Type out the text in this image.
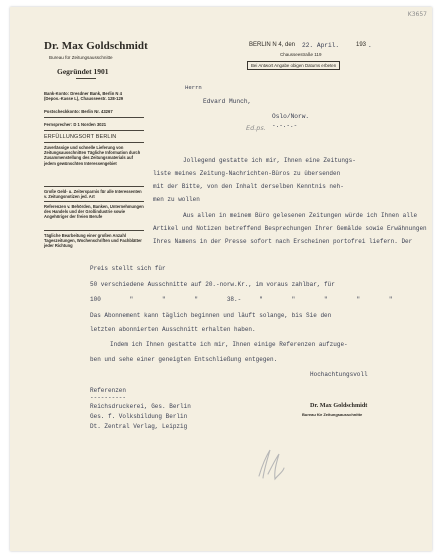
K3657
Dr. Max Goldschmidt
Bureau für Zeitungsausschnitte
Gegründet 1901
Bank-Konto: Dresdner Bank, Berlin N 4
(Depos.-Kasse L), Chausseestr. 128-129
Postscheckkonto: Berlin Nr. 43267
Fernsprecher: D 1 Norden 3021
ERFÜLLUNGSORT BERLIN
Zuverlässige und schnelle Lieferung von Zeitungsausschnitten Tägliche Information durch Zusammenstellung des Zeitungsmaterials auf jedem gewünschten Interessengebiet
Große Geld- u. Zeitersparnis für alle Interessenten v. Zeitungsnotizen jed. Art
Referenzen v. Behörden, Banken, Unternehmungen des Handels und der Großindustrie sowie Angehöriger der freien Berufe
Tägliche Bearbeitung einer großen Anzahl Tageszeitungen, Wochenschriften und Fachblätter jeder Richtung
BERLIN N 4, den 22. April.	193 .
Chausseestraße 119
Bei Antwort Angabe obigen Datums erbeten
Ed.ps.
Herrn
Edvard Munch,
Oslo/Norw.
-.-.-.-
Jollegend gestatte ich mir, Ihnen eine Zeitungs-
liste meines Zeitung-Nachrichten-Büros zu übersenden
mit der Bitte, von den Inhalt derselben Kenntnis neh-
men zu wollen
Aus allen in meinem Büro gelesenen Zeitungen würde ich Ihnen alle Artikel und Notizen betreffend Besprechungen Ihrer Gemälde sowie Erwähnungen Ihres Namens in der Presse sofort nach Erscheinen portofrei liefern. Der
Preis stellt sich für
50 verschiedene Ausschnitte auf 20.-norw.Kr., im voraus zahlbar, für
100        "        "        "        38.-     "        "        "        "        "
Das Abonnement kann täglich beginnen und läuft solange, bis Sie den
letzten abonnierten Ausschnitt erhalten haben.
Indem ich Ihnen gestatte ich mir, Ihnen einige Referenzen aufzuge-
ben und sehe einer geneigten Entschließung entgegen.
Hochachtungsvoll
Referenzen
----------
Reichsdruckerei, Ges. Berlin
Ges. f. Volksbildung Berlin
Dt. Zentral Verlag, Leipzig
Dr. Max Goldschmidt
Bureau für Zeitungsausschnitte
